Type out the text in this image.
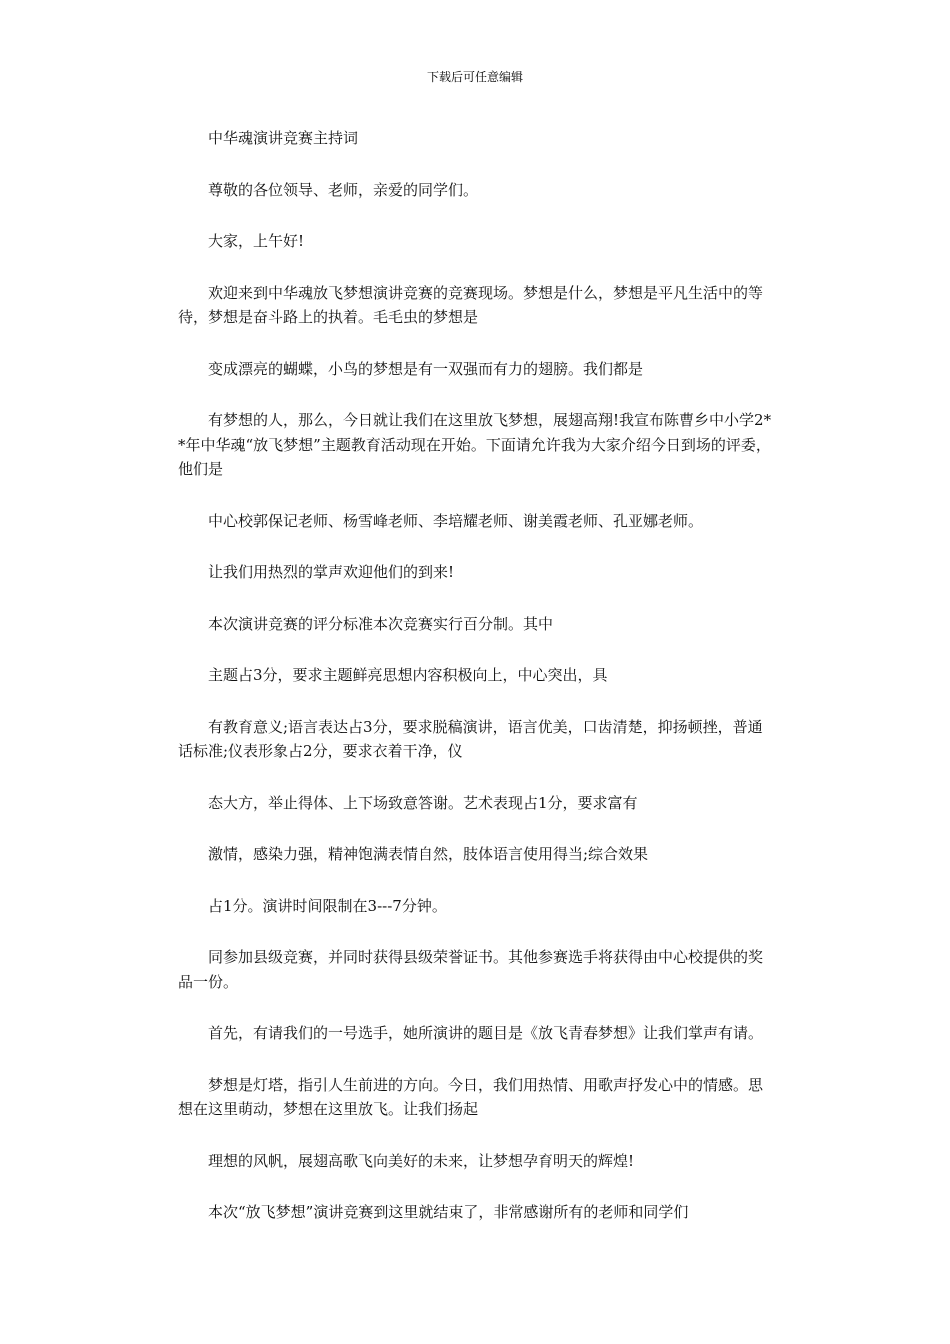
下载后可任意编辑

中华魂演讲竞赛主持词

尊敬的各位领导、老师，亲爱的同学们。

大家，上午好!

欢迎来到中华魂放飞梦想演讲竞赛的竞赛现场。梦想是什么，梦想是平凡生活中的等待，梦想是奋斗路上的执着。毛毛虫的梦想是

变成漂亮的蝴蝶，小鸟的梦想是有一双强而有力的翅膀。我们都是

有梦想的人，那么，今日就让我们在这里放飞梦想，展翅高翔!我宣布陈曹乡中小学2**年中华魂“放飞梦想”主题教育活动现在开始。下面请允许我为大家介绍今日到场的评委，他们是

中心校郭保记老师、杨雪峰老师、李培耀老师、谢美霞老师、孔亚娜老师。

让我们用热烈的掌声欢迎他们的到来!

本次演讲竞赛的评分标准本次竞赛实行百分制。其中

主题占3分，要求主题鲜亮思想内容积极向上，中心突出，具

有教育意义;语言表达占3分，要求脱稿演讲，语言优美，口齿清楚，抑扬顿挫，普通话标准;仪表形象占2分，要求衣着干净，仪

态大方，举止得体、上下场致意答谢。艺术表现占1分，要求富有

激情，感染力强，精神饱满表情自然，肢体语言使用得当;综合效果

占1分。演讲时间限制在3---7分钟。

同参加县级竞赛，并同时获得县级荣誉证书。其他参赛选手将获得由中心校提供的奖品一份。

首先，有请我们的一号选手，她所演讲的题目是《放飞青春梦想》让我们掌声有请。

梦想是灯塔，指引人生前进的方向。今日，我们用热情、用歌声抒发心中的情感。思想在这里萌动，梦想在这里放飞。让我们扬起

理想的风帆，展翅高歌飞向美好的未来，让梦想孕育明天的辉煌!

本次“放飞梦想”演讲竞赛到这里就结束了，非常感谢所有的老师和同学们
